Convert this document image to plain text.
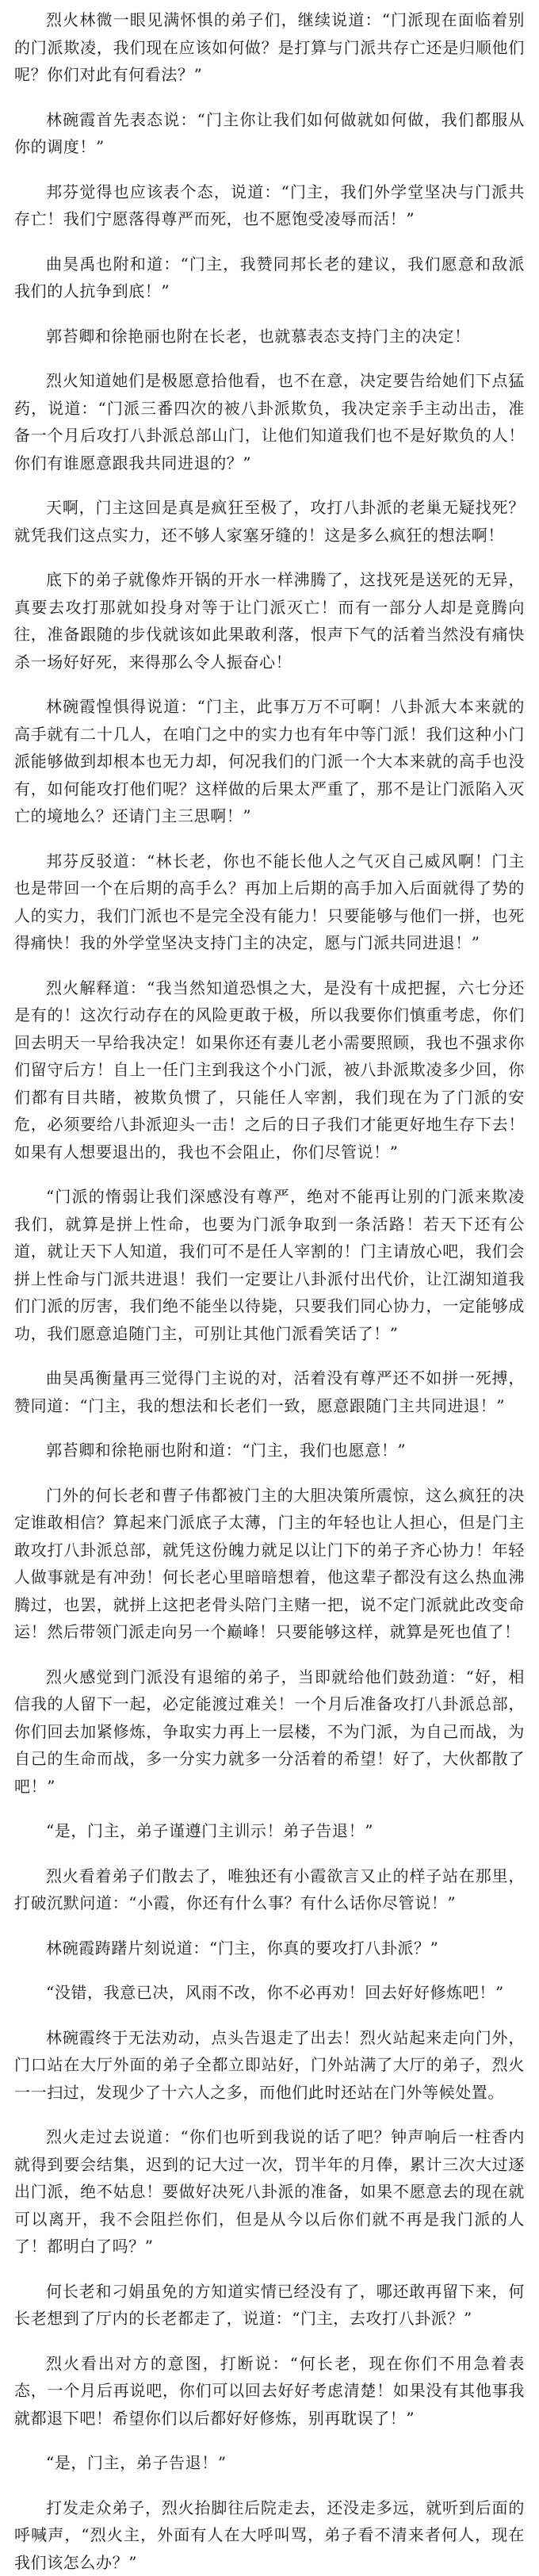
烈火林微一眼见满怀惧的弟子们，继续说道：“门派现在面临着别的门派欺凌，我们现在应该如何做？是打算与门派共存亡还是归顺他们呢？你们对此有何看法？”

林碗霞首先表态说：“门主你让我们如何做就如何做，我们都服从你的调度！”

邦芬觉得也应该表个态，说道：“门主，我们外学堂坚决与门派共存亡！我们宁愿落得尊严而死，也不愿饱受凌辱而活！”

曲昊禹也附和道：“门主，我赞同邦长老的建议，我们愿意和敌派我们的人抗争到底！”

郭苔卿和徐艳丽也附在长老，也就慕表态支持门主的决定！

烈火知道她们是极愿意拾他看，也不在意，决定要告给她们下点猛药，说道：“门派三番四次的被八卦派欺负，我决定亲手主动出击，准备一个月后攻打八卦派总部山门，让他们知道我们也不是好欺负的人！你们有谁愿意跟我共同进退的？”

天啊，门主这回是真是疯狂至极了，攻打八卦派的老巢无疑找死？就凭我们这点实力，还不够人家塞牙缝的！这是多么疯狂的想法啊！

底下的弟子就像炸开锅的开水一样沸腾了，这找死是送死的无异，真要去攻打那就如投身对等于让门派灭亡！而有一部分人却是竟腾向往，准备跟随的步伐就该如此果敢利落，恨声下气的活着当然没有痛快杀一场好好死，来得那么令人振奋心！

林碗霞惶惧得说道：“门主，此事万万不可啊！八卦派大本来就的高手就有二十几人，在咱门之中的实力也有年中等门派！我们这种小门派能够做到却根本也无力却，何况我们的门派一个大本来就的高手也没有，如何能攻打他们呢？这样做的后果太严重了，那不是让门派陷入灭亡的境地么？还请门主三思啊！”

邦芬反驳道：“林长老，你也不能长他人之气灭自己威风啊！门主也是带回一个在后期的高手么？再加上后期的高手加入后面就得了势的人的实力，我们门派也不是完全没有能力！只要能够与他们一拼，也死得痛快！我的外学堂坚决支持门主的决定，愿与门派共同进退！”

烈火解释道：“我当然知道恐惧之大，是没有十成把握，六七分还是有的！这次行动存在的风险更敢于极，所以我要你们慎重考虑，你们回去明天一早给我决定！如果你还有妻儿老小需要照顾，我也不强求你们留守后方！自上一任门主到我这个小门派，被八卦派欺凌多少回，你们都有目共睹，被欺负惯了，只能任人宰割，我们现在为了门派的安危，必须要给八卦派迎头一击！之后的日子我们才能更好地生存下去！如果有人想要退出的，我也不会阻止，你们尽管说！”

“门派的惰弱让我们深感没有尊严，绝对不能再让别的门派来欺凌我们，就算是拼上性命，也要为门派争取到一条活路！若天下还有公道，就让天下人知道，我们可不是任人宰割的！门主请放心吧，我们会拼上性命与门派共进退！我们一定要让八卦派付出代价，让江湖知道我们门派的厉害，我们绝不能坐以待毙，只要我们同心协力，一定能够成功，我们愿意追随门主，可别让其他门派看笑话了！”

曲昊禹衡量再三觉得门主说的对，活着没有尊严还不如拼一死搏，赞同道：“门主，我的想法和长老们一致，愿意跟随门主共同进退！”

郭苔卿和徐艳丽也附和道：“门主，我们也愿意！”

门外的何长老和曹子伟都被门主的大胆决策所震惊，这么疯狂的决定谁敢相信？算起来门派底子太薄，门主的年轻也让人担心，但是门主敢攻打八卦派总部，就凭这份魄力就足以让门下的弟子齐心协力！年轻人做事就是有冲劲！何长老心里暗暗想着，他这辈子都没有这么热血沸腾过，也罢，就拼上这把老骨头陪门主赌一把，说不定门派就此改变命运！然后带领门派走向另一个巅峰！只要能够这样，就算是死也值了！

烈火感觉到门派没有退缩的弟子，当即就给他们鼓劲道：“好，相信我的人留下一起，必定能渡过难关！一个月后准备攻打八卦派总部，你们回去加紧修炼，争取实力再上一层楼，不为门派，为自己而战，为自己的生命而战，多一分实力就多一分活着的希望！好了，大伙都散了吧！”

“是，门主，弟子谨遵门主训示！弟子告退！”

烈火看着弟子们散去了，唯独还有小霞欲言又止的样子站在那里，打破沉默问道：“小霞，你还有什么事？有什么话你尽管说！”

林碗霞踌躇片刻说道：“门主，你真的要攻打八卦派？”

“没错，我意已决，风雨不改，你不必再劝！回去好好修炼吧！”

林碗霞终于无法劝动，点头告退走了出去！烈火站起来走向门外，门口站在大厅外面的弟子全都立即站好，门外站满了大厅的弟子，烈火一一扫过，发现少了十六人之多，而他们此时还站在门外等候处置。

烈火走过去说道：“你们也听到我说的话了吧？钟声响后一柱香内就得到要会结集，迟到的记大过一次，罚半年的月俸，累计三次大过逐出门派，绝不姑息！要做好决死八卦派的准备，如果不愿意去的现在就可以离开，我不会阻拦你们，但是从今以后你们就不再是我门派的人了！都明白了吗？”

何长老和刁娟虽免的方知道实情已经没有了，哪还敢再留下来，何长老想到了厅内的长老都走了，说道：“门主，去攻打八卦派？”

烈火看出对方的意图，打断说：“何长老，现在你们不用急着表态，一个月后再说吧，你们可以回去好好考虑清楚！如果没有其他事我就都退下吧！希望你们以后都好好修炼，别再耽误了！”

“是，门主，弟子告退！”

打发走众弟子，烈火抬脚往后院走去，还没走多远，就听到后面的呼喊声，“烈火主，外面有人在大呼叫骂，弟子看不清来者何人，现在我们该怎么办？”
